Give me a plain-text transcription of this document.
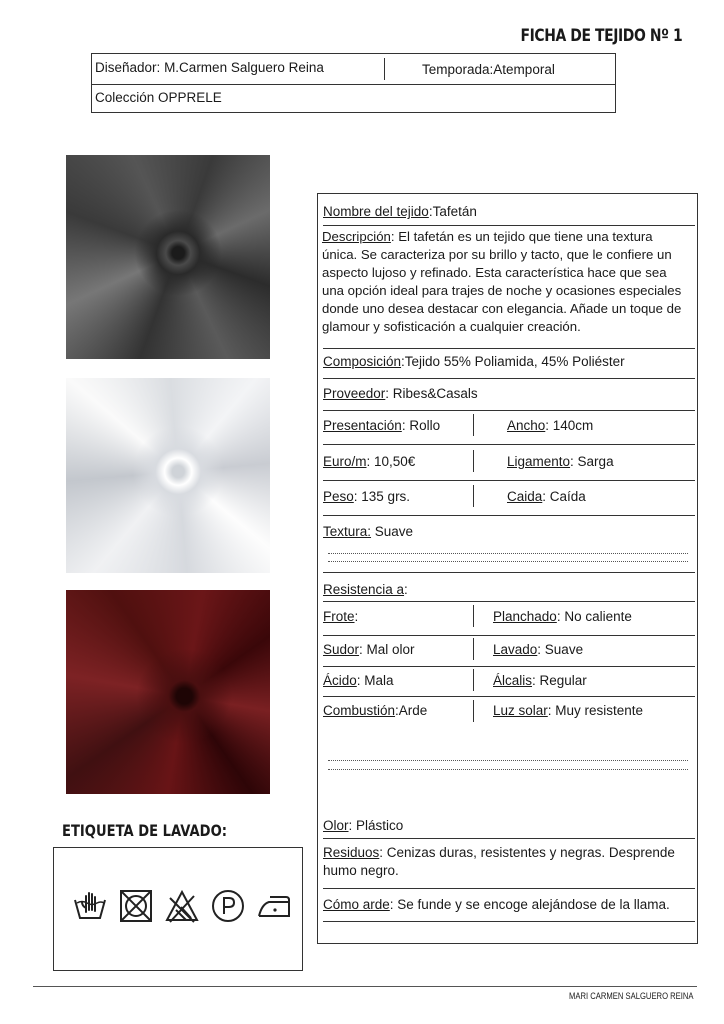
FICHA DE TEJIDO Nº 1
Diseñador: M.Carmen Salguero Reina	Temporada:Atemporal
Colección OPPRELE
ETIQUETA DE LAVADO:
Nombre del tejido:Tafetán
Descripción: El tafetán es un tejido que tiene una textura
única. Se caracteriza por su brillo y tacto, que le confiere un
aspecto lujoso y refinado. Esta característica hace que sea
una opción ideal para trajes de noche y ocasiones especiales
donde uno desea destacar con elegancia. Añade un toque de
glamour y sofisticación a cualquier creación.
Composición:Tejido 55% Poliamida, 45% Poliéster
Proveedor: Ribes&Casals
Presentación: Rollo	Ancho: 140cm
Euro/m: 10,50€	Ligamento: Sarga
Peso: 135 grs.	Caida: Caída
Textura: Suave
Resistencia a:
Frote:	Planchado: No caliente
Sudor: Mal olor	Lavado: Suave
Ácido: Mala	Álcalis: Regular
Combustión:Arde	Luz solar: Muy resistente
Olor: Plástico
Residuos: Cenizas duras, resistentes y negras. Desprende
humo negro.
Cómo arde: Se funde y se encoge alejándose de la llama.
MARI CARMEN SALGUERO REINA
